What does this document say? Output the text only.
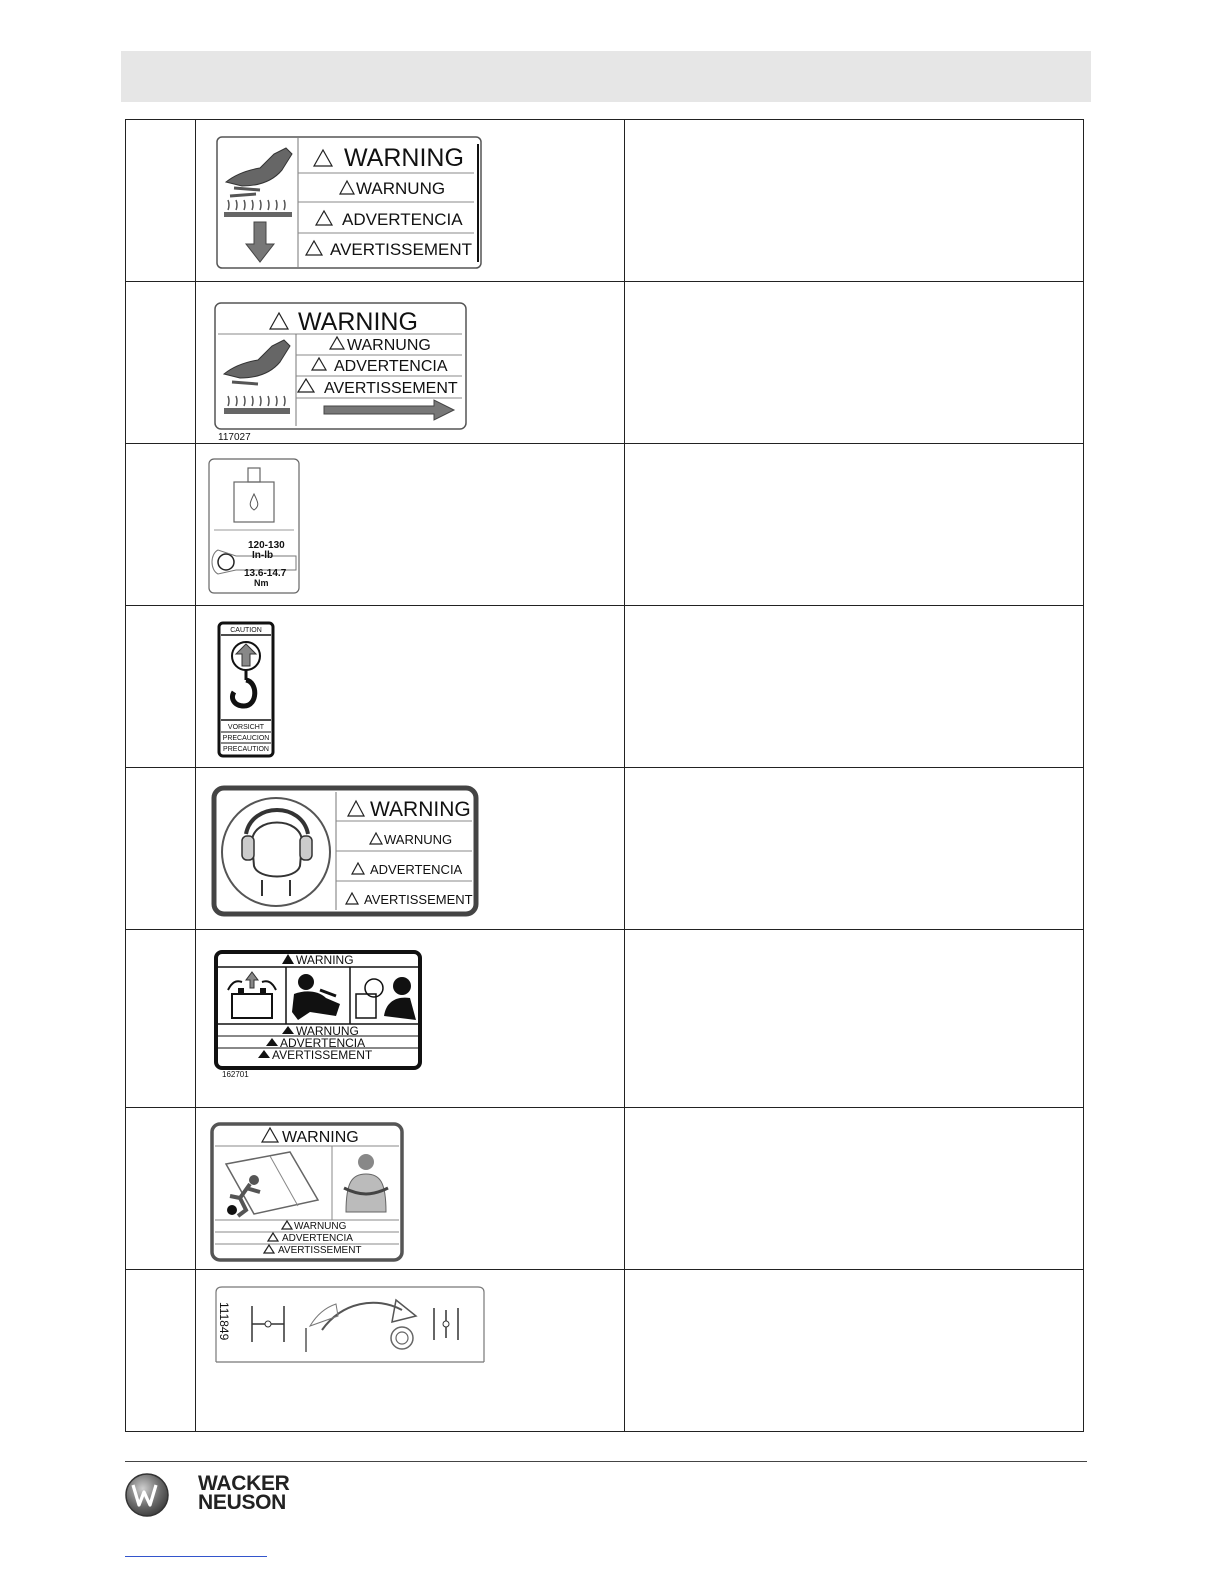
WARNING
WARNUNG
ADVERTENCIA
AVERTISSEMENT	

WARNING
WARNUNG
ADVERTENCIA
AVERTISSEMENT
117027	

120-130
In-lb
13.6-14.7
Nm	

CAUTION
VORSICHT
PRECAUCION
PRECAUTION	

WARNING
WARNUNG
ADVERTENCIA
AVERTISSEMENT	

WARNING
WARNUNG
ADVERTENCIA
AVERTISSEMENT
162701	

WARNING
WARNUNG
ADVERTENCIA
AVERTISSEMENT	

111849	

WACKER
NEUSON
